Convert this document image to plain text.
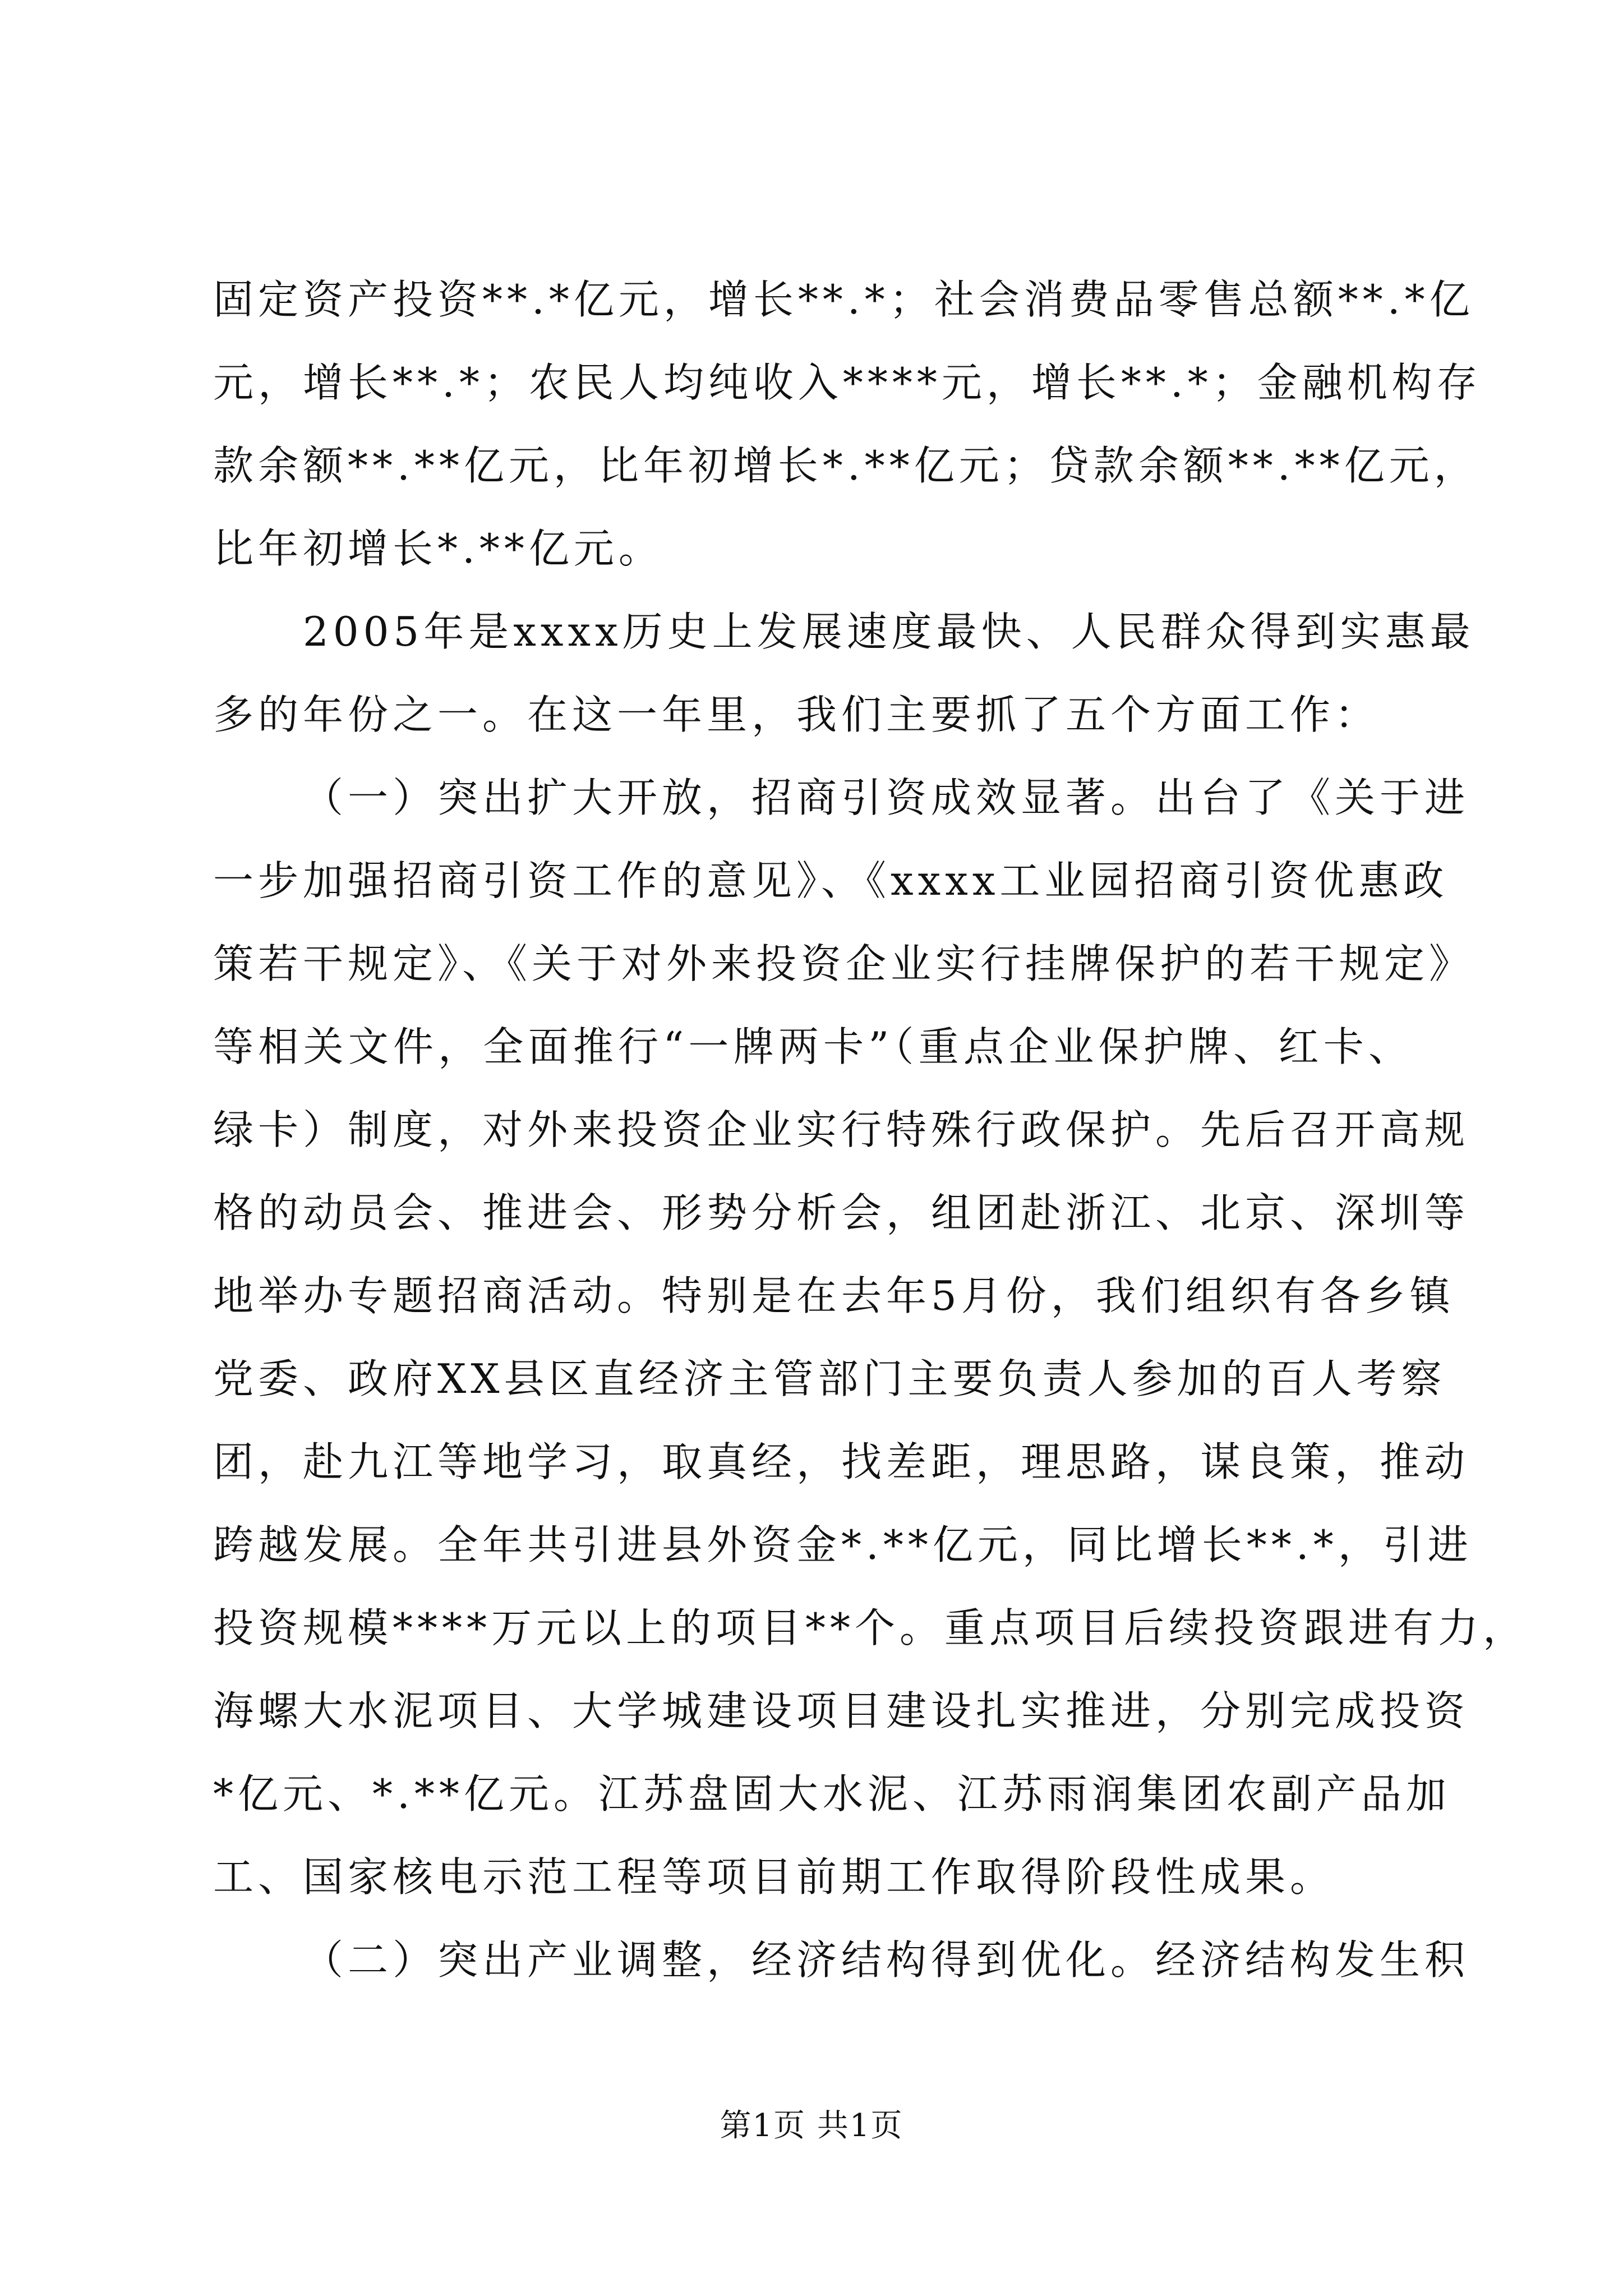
固定资产投资**.*亿元，增长**.*；社会消费品零售总额**.*亿
元，增长**.*；农民人均纯收入****元，增长**.*；金融机构存
款余额**.**亿元，比年初增长*.**亿元；贷款余额**.**亿元，
比年初增长*.**亿元。
2005年是xxxx历史上发展速度最快、人民群众得到实惠最
多的年份之一。在这一年里，我们主要抓了五个方面工作：
（一）突出扩大开放，招商引资成效显著。出台了《关于进
一步加强招商引资工作的意见》、《xxxx工业园招商引资优惠政
策若干规定》、《关于对外来投资企业实行挂牌保护的若干规定》
等相关文件，全面推行“一牌两卡”（重点企业保护牌、红卡、
绿卡）制度，对外来投资企业实行特殊行政保护。先后召开高规
格的动员会、推进会、形势分析会，组团赴浙江、北京、深圳等
地举办专题招商活动。特别是在去年5月份，我们组织有各乡镇
党委、政府XX县区直经济主管部门主要负责人参加的百人考察
团，赴九江等地学习，取真经，找差距，理思路，谋良策，推动
跨越发展。全年共引进县外资金*.**亿元，同比增长**.*，引进
投资规模****万元以上的项目**个。重点项目后续投资跟进有力，
海螺大水泥项目、大学城建设项目建设扎实推进，分别完成投资
*亿元、*.**亿元。江苏盘固大水泥、江苏雨润集团农副产品加
工、国家核电示范工程等项目前期工作取得阶段性成果。
（二）突出产业调整，经济结构得到优化。经济结构发生积
第1页 共1页
